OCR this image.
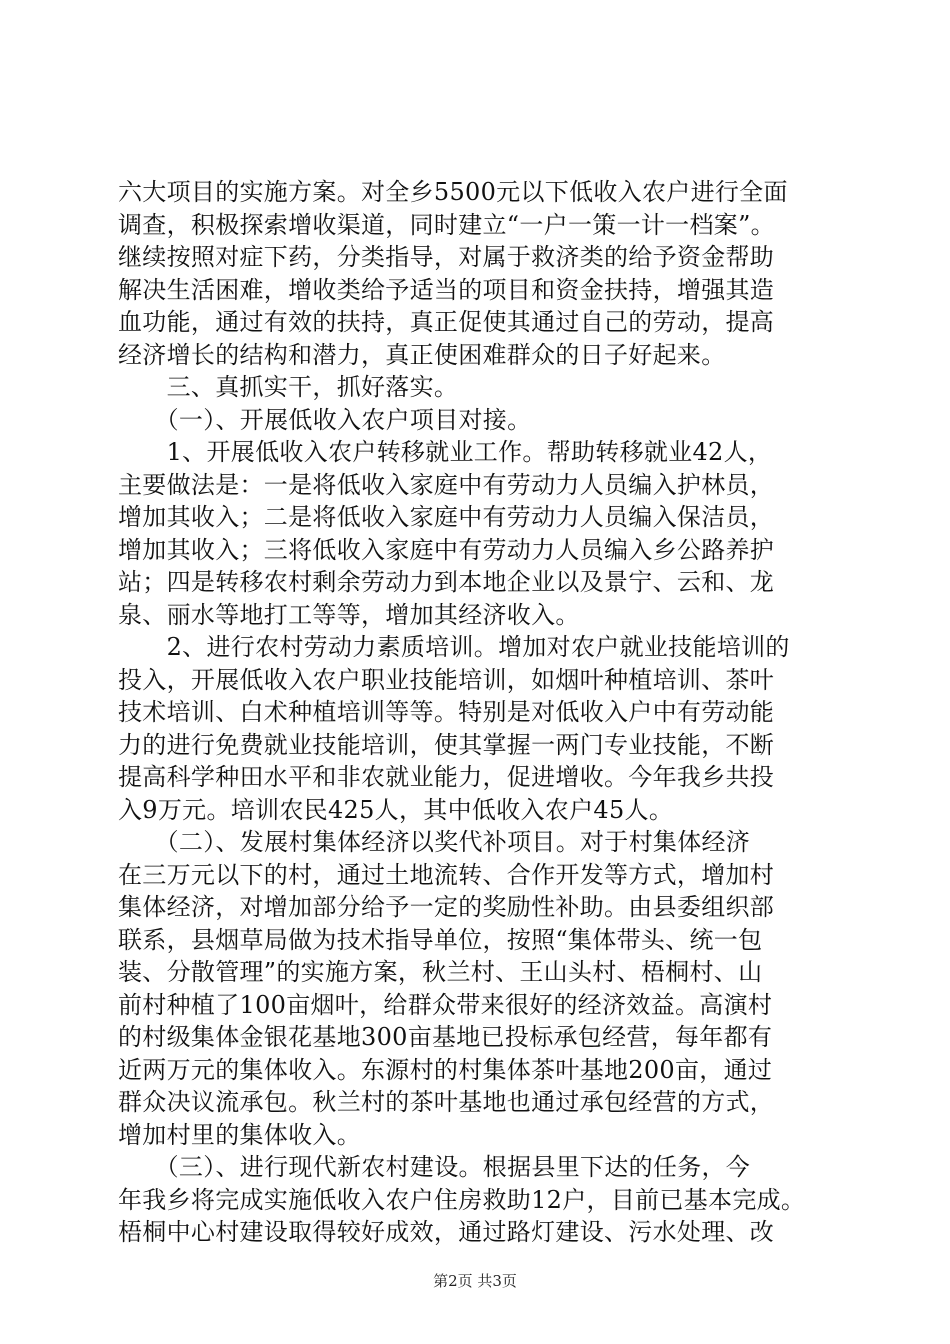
六大项目的实施方案。对全乡5500元以下低收入农户进行全面
调查，积极探索增收渠道，同时建立“一户一策一计一档案”。
继续按照对症下药，分类指导，对属于救济类的给予资金帮助
解决生活困难，增收类给予适当的项目和资金扶持，增强其造
血功能，通过有效的扶持，真正促使其通过自己的劳动，提高
经济增长的结构和潜力，真正使困难群众的日子好起来。
　　三、真抓实干，抓好落实。
　　（一）、开展低收入农户项目对接。
　　1、开展低收入农户转移就业工作。帮助转移就业42人，
主要做法是：一是将低收入家庭中有劳动力人员编入护林员，
增加其收入；二是将低收入家庭中有劳动力人员编入保洁员，
增加其收入；三将低收入家庭中有劳动力人员编入乡公路养护
站；四是转移农村剩余劳动力到本地企业以及景宁、云和、龙
泉、丽水等地打工等等，增加其经济收入。
　　2、进行农村劳动力素质培训。增加对农户就业技能培训的
投入，开展低收入农户职业技能培训，如烟叶种植培训、茶叶
技术培训、白术种植培训等等。特别是对低收入户中有劳动能
力的进行免费就业技能培训，使其掌握一两门专业技能，不断
提高科学种田水平和非农就业能力，促进增收。今年我乡共投
入9万元。培训农民425人，其中低收入农户45人。
　　（二）、发展村集体经济以奖代补项目。对于村集体经济
在三万元以下的村，通过土地流转、合作开发等方式，增加村
集体经济，对增加部分给予一定的奖励性补助。由县委组织部
联系，县烟草局做为技术指导单位，按照“集体带头、统一包
装、分散管理”的实施方案，秋兰村、王山头村、梧桐村、山
前村种植了100亩烟叶，给群众带来很好的经济效益。高演村
的村级集体金银花基地300亩基地已投标承包经营，每年都有
近两万元的集体收入。东源村的村集体茶叶基地200亩，通过
群众决议流承包。秋兰村的茶叶基地也通过承包经营的方式，
增加村里的集体收入。
　　（三）、进行现代新农村建设。根据县里下达的任务，今
年我乡将完成实施低收入农户住房救助12户，目前已基本完成。
梧桐中心村建设取得较好成效，通过路灯建设、污水处理、改
第2页 共3页
